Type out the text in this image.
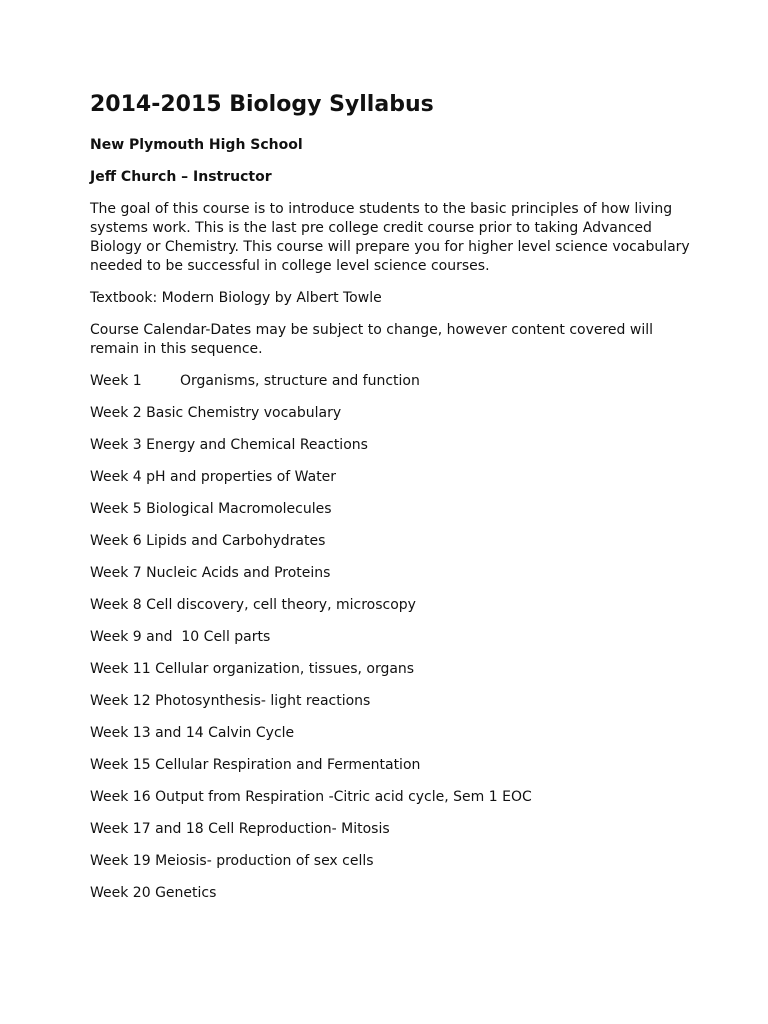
2014-2015 Biology Syllabus
New Plymouth High School
Jeff Church – Instructor
The goal of this course is to introduce students to the basic principles of how living systems work. This is the last pre college credit course prior to taking Advanced Biology or Chemistry. This course will prepare you for higher level science vocabulary needed to be successful in college level science courses.
Textbook: Modern Biology by Albert Towle
Course Calendar-Dates may be subject to change, however content covered will remain in this sequence.
Week 1	Organisms, structure and function
Week 2 Basic Chemistry vocabulary
Week 3 Energy and Chemical Reactions
Week 4 pH and properties of Water
Week 5 Biological Macromolecules
Week 6 Lipids and Carbohydrates
Week 7 Nucleic Acids and Proteins
Week 8 Cell discovery, cell theory, microscopy
Week 9 and  10 Cell parts
Week 11 Cellular organization, tissues, organs
Week 12 Photosynthesis- light reactions
Week 13 and 14 Calvin Cycle
Week 15 Cellular Respiration and Fermentation
Week 16 Output from Respiration -Citric acid cycle, Sem 1 EOC
Week 17 and 18 Cell Reproduction- Mitosis
Week 19 Meiosis- production of sex cells
Week 20 Genetics
